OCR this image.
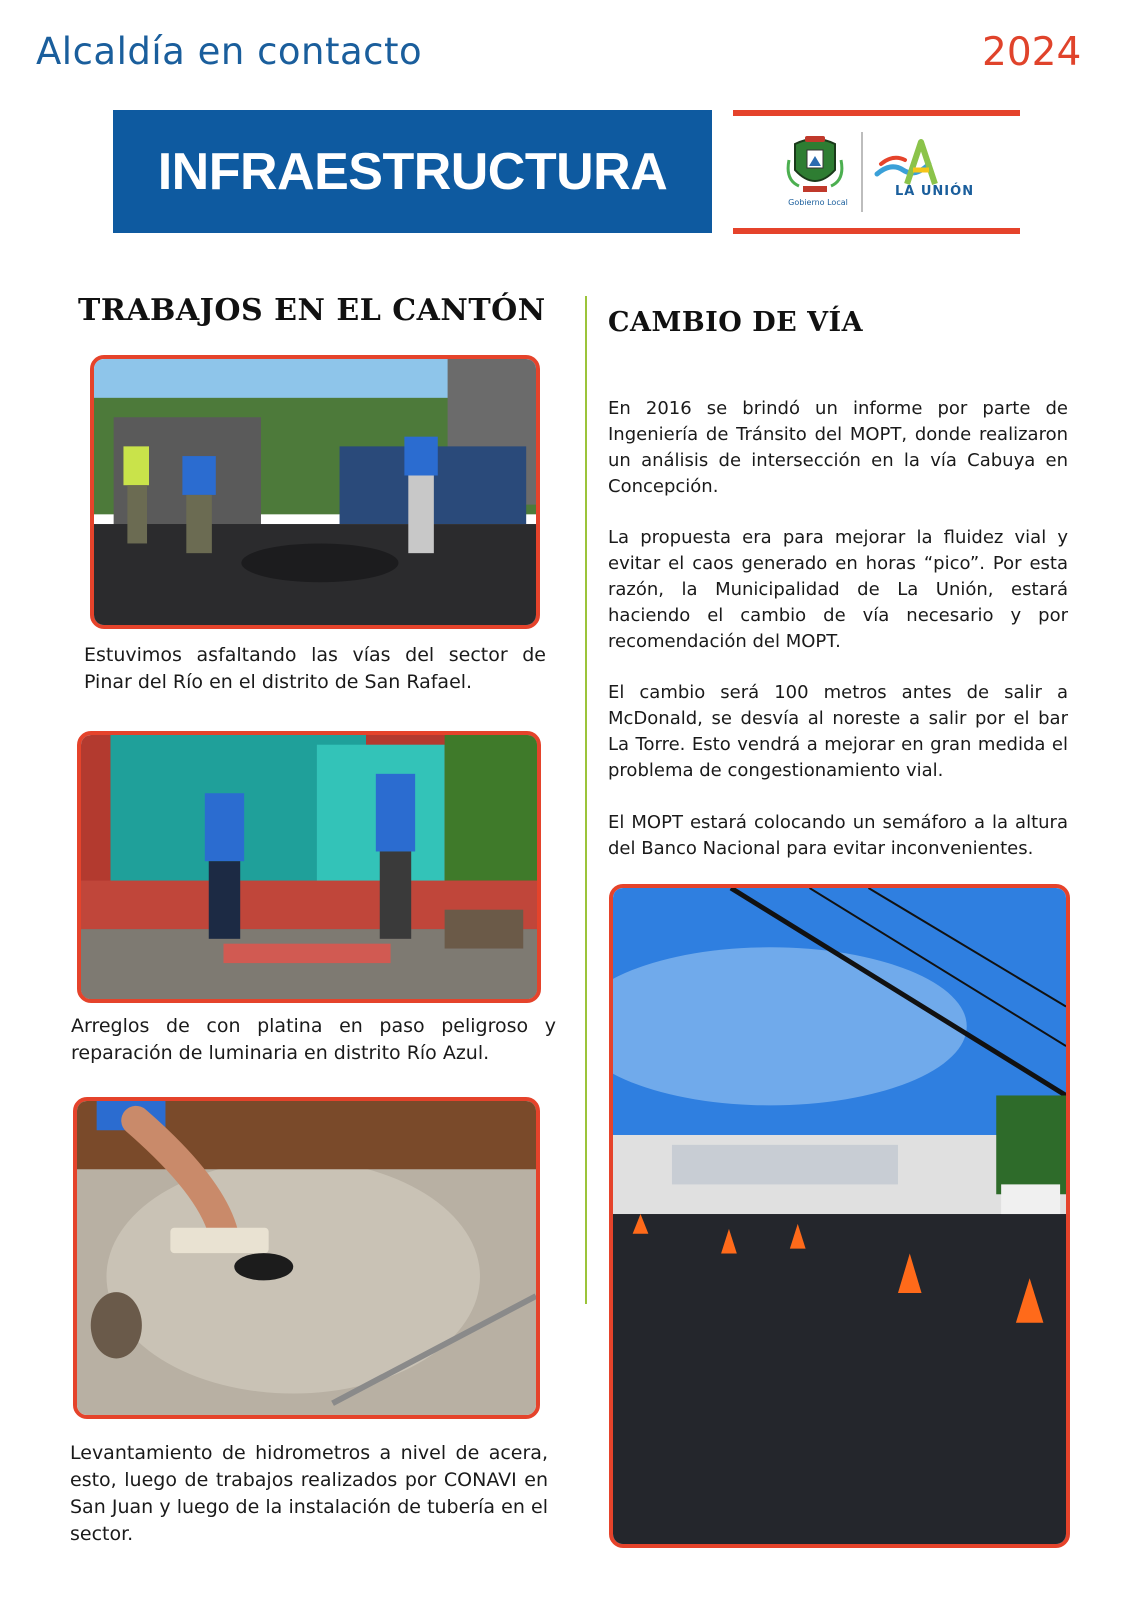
Alcaldía en contacto	2024
INFRAESTRUCTURA
Gobierno Local
LA UNIÓN
TRABAJOS EN EL CANTÓN
Estuvimos asfaltando las vías del sector de Pinar del Río en el distrito de San Rafael.
Arreglos de con platina en paso peligroso y reparación de luminaria en distrito Río Azul.
Levantamiento de hidrometros a nivel de acera, esto, luego de trabajos realizados por CONAVI en San Juan y luego de la instalación de tubería en el sector.
CAMBIO DE VÍA
En 2016 se brindó un informe por parte de Ingeniería de Tránsito del MOPT, donde realizaron un análisis de intersección en la vía Cabuya en Concepción.
La propuesta era para mejorar la fluidez vial y evitar el caos generado en horas “pico”. Por esta razón, la Municipalidad de La Unión, estará haciendo el cambio de vía necesario y por recomendación del MOPT.
El cambio será 100 metros antes de salir a McDonald, se desvía al noreste a salir por el bar La Torre. Esto vendrá a mejorar en gran medida el problema de congestionamiento vial.
El MOPT estará colocando un semáforo a la altura del Banco Nacional para evitar inconvenientes.
